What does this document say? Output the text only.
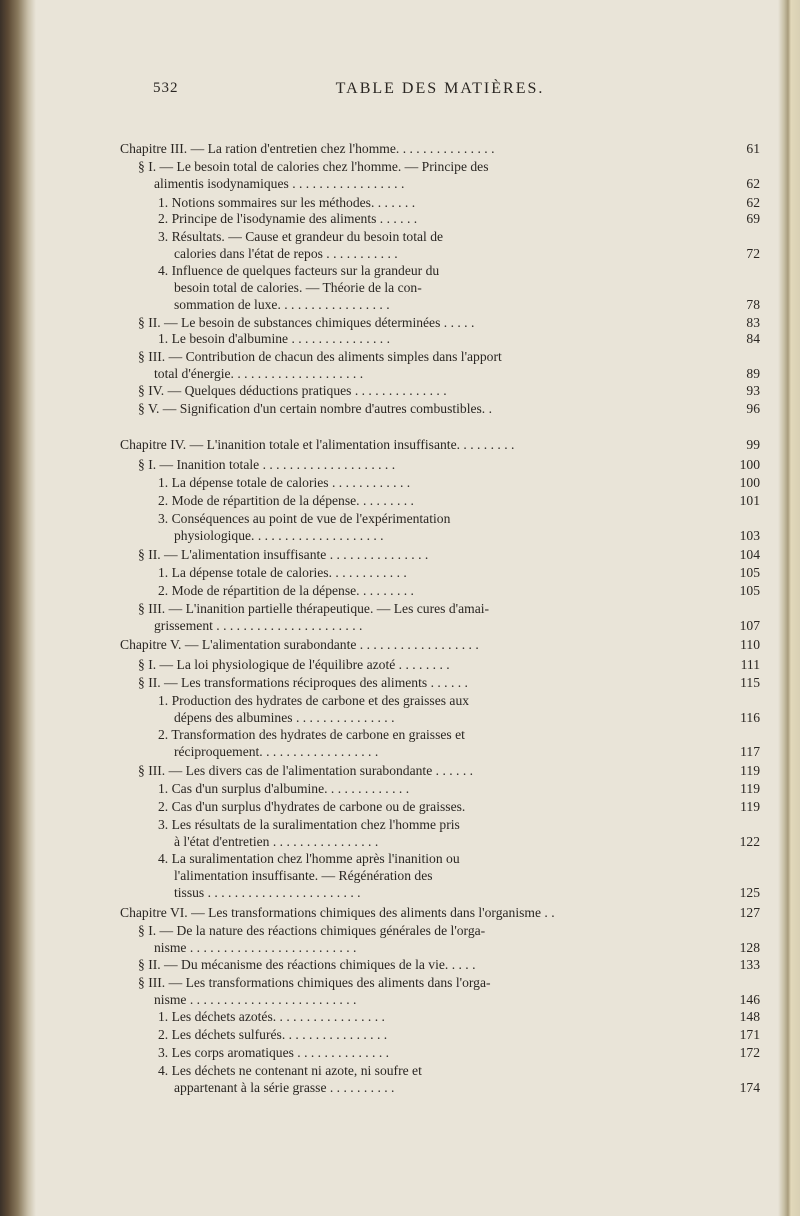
532	TABLE DES MATIÈRES.
Chapitre III. — La ration d'entretien chez l'homme. . . . . . . . . . . . . . .	61
§ I. — Le besoin total de calories chez l'homme. — Principe des
alimentis isodynamiques . . . . . . . . . . . . . . . . .	62
1. Notions sommaires sur les méthodes. . . . . . .	62
2. Principe de l'isodynamie des aliments . . . . . .	69
3. Résultats. — Cause et grandeur du besoin total de
calories dans l'état de repos . . . . . . . . . . .	72
4. Influence de quelques facteurs sur la grandeur du
besoin total de calories. — Théorie de la con-
sommation de luxe. . . . . . . . . . . . . . . . .	78
§ II. — Le besoin de substances chimiques déterminées . . . . .	83
1. Le besoin d'albumine . . . . . . . . . . . . . . .	84
§ III. — Contribution de chacun des aliments simples dans l'apport
total d'énergie. . . . . . . . . . . . . . . . . . . .	89
§ IV. — Quelques déductions pratiques . . . . . . . . . . . . . .	93
§ V. — Signification d'un certain nombre d'autres combustibles. .	96
Chapitre IV. — L'inanition totale et l'alimentation insuffisante. . . . . . . . .	99
§ I. — Inanition totale . . . . . . . . . . . . . . . . . . . .	100
1. La dépense totale de calories . . . . . . . . . . . .	100
2. Mode de répartition de la dépense. . . . . . . . .	101
3. Conséquences au point de vue de l'expérimentation
physiologique. . . . . . . . . . . . . . . . . . . .	103
§ II. — L'alimentation insuffisante . . . . . . . . . . . . . . .	104
1. La dépense totale de calories. . . . . . . . . . . .	105
2. Mode de répartition de la dépense. . . . . . . . .	105
§ III. — L'inanition partielle thérapeutique. — Les cures d'amai-
grissement . . . . . . . . . . . . . . . . . . . . . .	107
Chapitre V. — L'alimentation surabondante . . . . . . . . . . . . . . . . . .	110
§ I. — La loi physiologique de l'équilibre azoté . . . . . . . .	111
§ II. — Les transformations réciproques des aliments . . . . . .	115
1. Production des hydrates de carbone et des graisses aux
dépens des albumines . . . . . . . . . . . . . . .	116
2. Transformation des hydrates de carbone en graisses et
réciproquement. . . . . . . . . . . . . . . . . .	117
§ III. — Les divers cas de l'alimentation surabondante . . . . . .	119
1. Cas d'un surplus d'albumine. . . . . . . . . . . . .	119
2. Cas d'un surplus d'hydrates de carbone ou de graisses.	119
3. Les résultats de la suralimentation chez l'homme pris
à l'état d'entretien . . . . . . . . . . . . . . . .	122
4. La suralimentation chez l'homme après l'inanition ou
l'alimentation insuffisante. — Régénération des
tissus . . . . . . . . . . . . . . . . . . . . . . .	125
Chapitre VI. — Les transformations chimiques des aliments dans l'organisme . .	127
§ I. — De la nature des réactions chimiques générales de l'orga-
nisme . . . . . . . . . . . . . . . . . . . . . . . . .	128
§ II. — Du mécanisme des réactions chimiques de la vie. . . . .	133
§ III. — Les transformations chimiques des aliments dans l'orga-
nisme . . . . . . . . . . . . . . . . . . . . . . . . .	146
1. Les déchets azotés. . . . . . . . . . . . . . . . .	148
2. Les déchets sulfurés. . . . . . . . . . . . . . . .	171
3. Les corps aromatiques . . . . . . . . . . . . . .	172
4. Les déchets ne contenant ni azote, ni soufre et
appartenant à la série grasse . . . . . . . . . .	174
